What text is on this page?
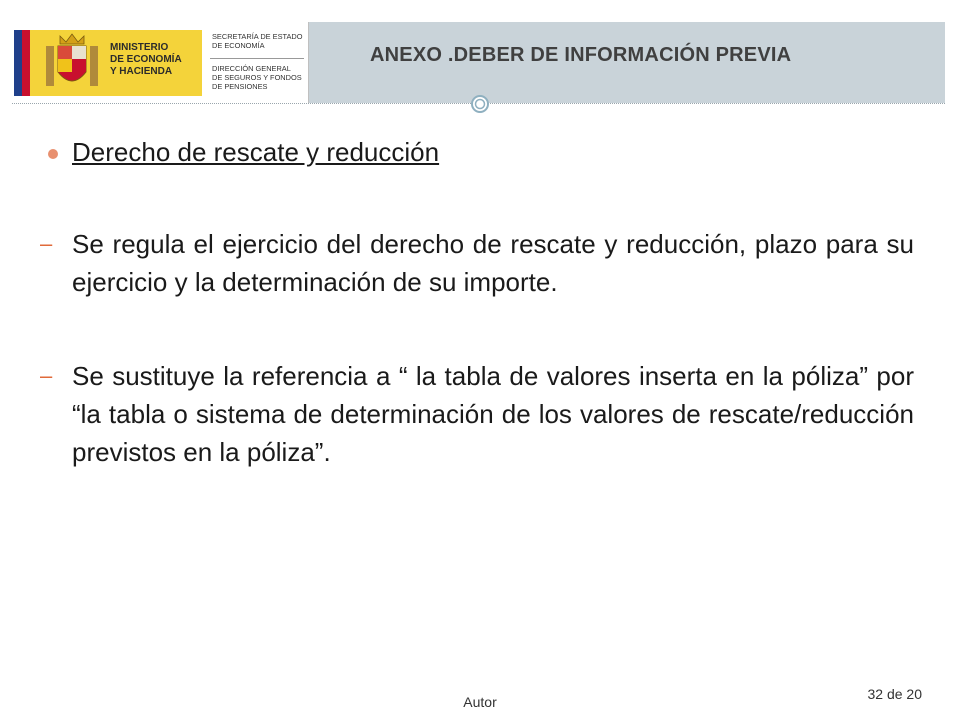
MINISTERIO
DE ECONOMÍA
Y HACIENDA
SECRETARÍA DE ESTADO
DE ECONOMÍA
DIRECCIÓN GENERAL
DE SEGUROS Y FONDOS
DE PENSIONES
ANEXO .DEBER DE INFORMACIÓN PREVIA
Derecho de rescate y reducción
– Se regula el ejercicio del derecho de rescate y reducción, plazo para su ejercicio y la determinación de su importe.
– Se sustituye la referencia a “ la tabla de valores inserta en la póliza” por “la tabla o sistema de determinación de los valores de rescate/reducción previstos en la póliza”.
Autor	32 de 20
